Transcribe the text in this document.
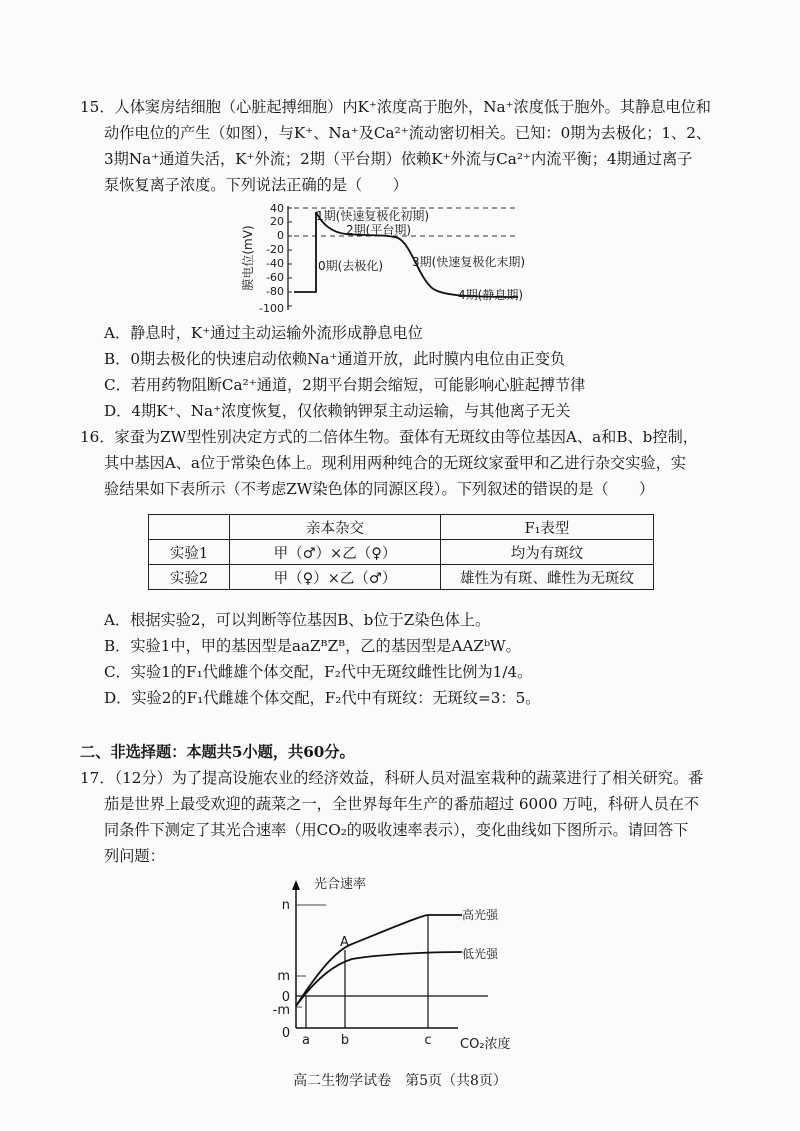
15．人体窦房结细胞（心脏起搏细胞）内K⁺浓度高于胞外，Na⁺浓度低于胞外。其静息电位和
动作电位的产生（如图），与K⁺、Na⁺及Ca²⁺流动密切相关。已知：0期为去极化；1、2、
3期Na⁺通道失活，K⁺外流；2期（平台期）依赖K⁺外流与Ca²⁺内流平衡；4期通过离子
泵恢复离子浓度。下列说法正确的是（　　）
膜电位(mV)
40
20
0
-20
-40
-60
-80
-100
1期(快速复极化初期)
2期(平台期)
0期(去极化) 3期(快速复极化末期)
4期(静息期)
A．静息时，K⁺通过主动运输外流形成静息电位
B．0期去极化的快速启动依赖Na⁺通道开放，此时膜内电位由正变负
C．若用药物阻断Ca²⁺通道，2期平台期会缩短，可能影响心脏起搏节律
D．4期K⁺、Na⁺浓度恢复，仅依赖钠钾泵主动运输，与其他离子无关
16．家蚕为ZW型性别决定方式的二倍体生物。蚕体有无斑纹由等位基因A、a和B、b控制，
其中基因A、a位于常染色体上。现利用两种纯合的无斑纹家蚕甲和乙进行杂交实验，实
验结果如下表所示（不考虑ZW染色体的同源区段）。下列叙述的错误的是（　　）
	亲本杂交	F₁表型
实验1	甲（♂）×乙（♀）	均为有斑纹
实验2	甲（♀）×乙（♂）	雄性为有斑、雌性为无斑纹
A．根据实验2，可以判断等位基因B、b位于Z染色体上。
B．实验1中，甲的基因型是aaZᴮZᴮ，乙的基因型是AAZᵇW。
C．实验1的F₁代雌雄个体交配，F₂代中无斑纹雌性比例为1/4。
D．实验2的F₁代雌雄个体交配，F₂代中有斑纹：无斑纹=3：5。
二、非选择题：本题共5小题，共60分。
17．（12分）为了提高设施农业的经济效益，科研人员对温室栽种的蔬菜进行了相关研究。番
茄是世界上最受欢迎的蔬菜之一，全世界每年生产的番茄超过 6000 万吨，科研人员在不
同条件下测定了其光合速率（用CO₂的吸收速率表示），变化曲线如下图所示。请回答下
列问题：
光合速率
n
m
0
-m
A
高光强
低光强
0 a b	c CO₂浓度
高二生物学试卷　第5页（共8页）
